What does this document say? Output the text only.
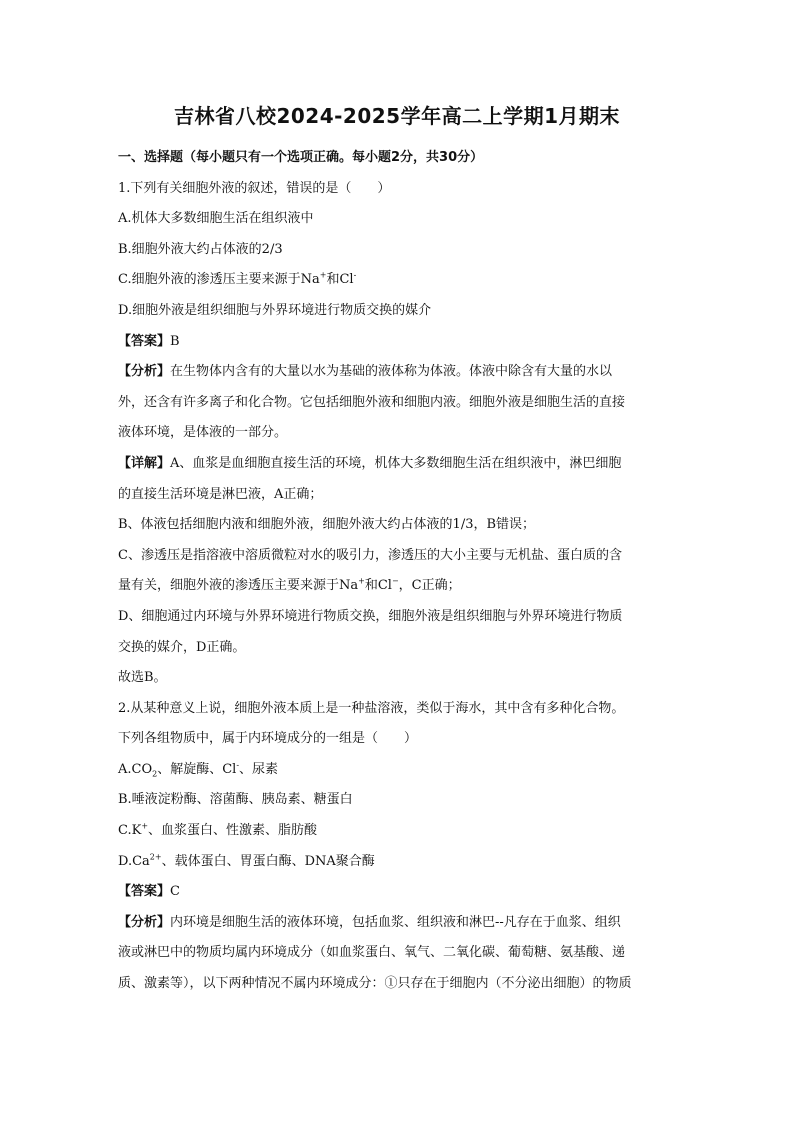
吉林省八校2024-2025学年高二上学期1月期末
一、选择题（每小题只有一个选项正确。每小题2分，共30分）
1.下列有关细胞外液的叙述，错误的是（　　）
A.机体大多数细胞生活在组织液中
B.细胞外液大约占体液的2/3
C.细胞外液的渗透压主要来源于Na+和Cl-
D.细胞外液是组织细胞与外界环境进行物质交换的媒介
【答案】B
【分析】在生物体内含有的大量以水为基础的液体称为体液。体液中除含有大量的水以
外，还含有许多离子和化合物。它包括细胞外液和细胞内液。细胞外液是细胞生活的直接
液体环境，是体液的一部分。
【详解】A、血浆是血细胞直接生活的环境，机体大多数细胞生活在组织液中，淋巴细胞
的直接生活环境是淋巴液，A正确；
B、体液包括细胞内液和细胞外液，细胞外液大约占体液的1/3，B错误；
C、渗透压是指溶液中溶质微粒对水的吸引力，渗透压的大小主要与无机盐、蛋白质的含
量有关，细胞外液的渗透压主要来源于Na+和Cl−，C正确；
D、细胞通过内环境与外界环境进行物质交换，细胞外液是组织细胞与外界环境进行物质
交换的媒介，D正确。
故选B。
2.从某种意义上说，细胞外液本质上是一种盐溶液，类似于海水，其中含有多种化合物。
下列各组物质中，属于内环境成分的一组是（　　）
$A.CO_2$、解旋酶、Cl-、尿素
B.唾液淀粉酶、溶菌酶、胰岛素、糖蛋白
C.K+、血浆蛋白、性激素、脂肪酸
$D.Ca^{2+}$、载体蛋白、胃蛋白酶、DNA聚合酶
【答案】C
【分析】内环境是细胞生活的液体环境，包括血浆、组织液和淋巴--凡存在于血浆、组织
液或淋巴中的物质均属内环境成分（如血浆蛋白、氧气、二氧化碳、葡萄糖、氨基酸、递
质、激素等），以下两种情况不属内环境成分：①只存在于细胞内（不分泌出细胞）的物质
